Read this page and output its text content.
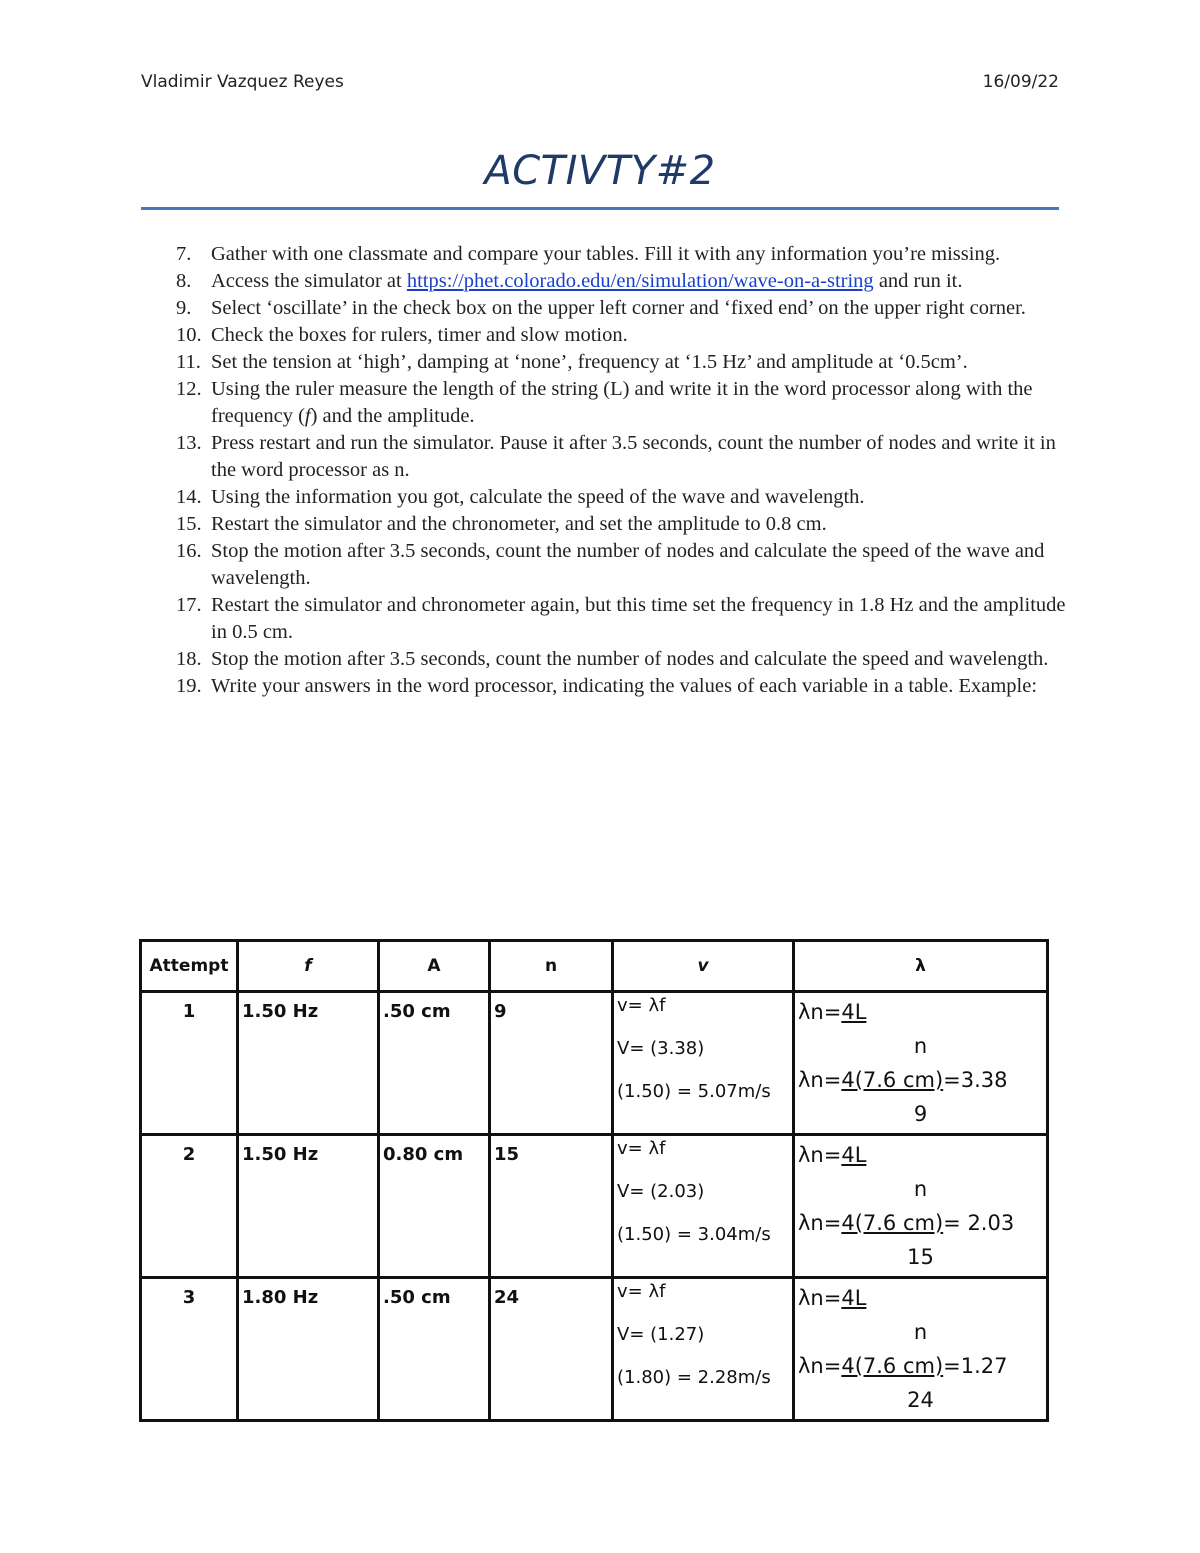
Vladimir Vazquez Reyes	16/09/22
ACTIVTY#2
7. Gather with one classmate and compare your tables. Fill it with any information you’re missing.
8. Access the simulator at https://phet.colorado.edu/en/simulation/wave-on-a-string and run it.
9. Select ‘oscillate’ in the check box on the upper left corner and ‘fixed end’ on the upper right corner.
10. Check the boxes for rulers, timer and slow motion.
11. Set the tension at ‘high’, damping at ‘none’, frequency at ‘1.5 Hz’ and amplitude at ‘0.5cm’.
12. Using the ruler measure the length of the string (L) and write it in the word processor along with the frequency (f) and the amplitude.
13. Press restart and run the simulator. Pause it after 3.5 seconds, count the number of nodes and write it in the word processor as n.
14. Using the information you got, calculate the speed of the wave and wavelength.
15. Restart the simulator and the chronometer, and set the amplitude to 0.8 cm.
16. Stop the motion after 3.5 seconds, count the number of nodes and calculate the speed of the wave and wavelength.
17. Restart the simulator and chronometer again, but this time set the frequency in 1.8 Hz and the amplitude in 0.5 cm.
18. Stop the motion after 3.5 seconds, count the number of nodes and calculate the speed and wavelength.
19. Write your answers in the word processor, indicating the values of each variable in a table. Example:
Attempt	f	A	n	v	λ
1	1.50 Hz	.50 cm	9	v= λf
V= (3.38)
(1.50) = 5.07m/s	λn=4L
n
λn=4(7.6 cm)=3.38
9

2	1.50 Hz	0.80 cm	15	v= λf
V= (2.03)
(1.50) = 3.04m/s	λn=4L
n
λn=4(7.6 cm)= 2.03
15

3	1.80 Hz	.50 cm	24	v= λf
V= (1.27)
(1.80) = 2.28m/s	λn=4L
n
λn=4(7.6 cm)=1.27
24
